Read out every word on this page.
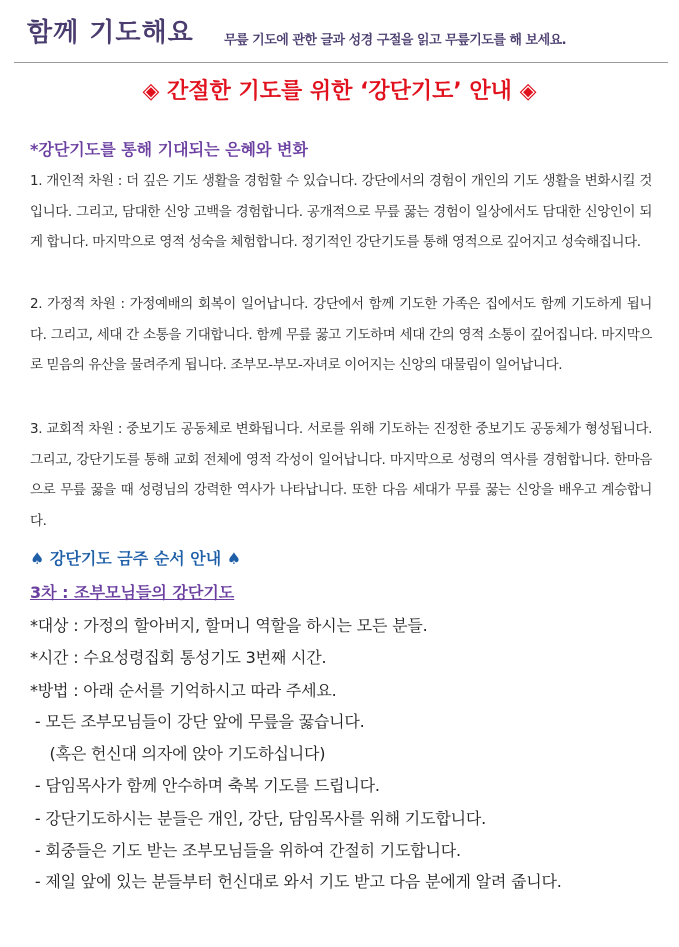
함께 기도해요 무릎 기도에 관한 글과 성경 구절을 읽고 무릎기도를 해 보세요.
◈ 간절한 기도를 위한 ‘강단기도’ 안내 ◈
*강단기도를 통해 기대되는 은혜와 변화
1. 개인적 차원 : 더 깊은 기도 생활을 경험할 수 있습니다. 강단에서의 경험이 개인의 기도 생활을 변화시킬 것입니다. 그리고, 담대한 신앙 고백을 경험합니다. 공개적으로 무릎 꿇는 경험이 일상에서도 담대한 신앙인이 되게 합니다. 마지막으로 영적 성숙을 체험합니다. 정기적인 강단기도를 통해 영적으로 깊어지고 성숙해집니다.
2. 가정적 차원 : 가정예배의 회복이 일어납니다. 강단에서 함께 기도한 가족은 집에서도 함께 기도하게 됩니다. 그리고, 세대 간 소통을 기대합니다. 함께 무릎 꿇고 기도하며 세대 간의 영적 소통이 깊어집니다. 마지막으로 믿음의 유산을 물려주게 됩니다. 조부모-부모-자녀로 이어지는 신앙의 대물림이 일어납니다.
3. 교회적 차원 : 중보기도 공동체로 변화됩니다. 서로를 위해 기도하는 진정한 중보기도 공동체가 형성됩니다. 그리고, 강단기도를 통해 교회 전체에 영적 각성이 일어납니다. 마지막으로 성령의 역사를 경험합니다. 한마음으로 무릎 꿇을 때 성령님의 강력한 역사가 나타납니다. 또한 다음 세대가 무릎 꿇는 신앙을 배우고 계승합니다.
♠ 강단기도 금주 순서 안내 ♠
3차 : 조부모님들의 강단기도
*대상 : 가정의 할아버지, 할머니 역할을 하시는 모든 분들.
*시간 : 수요성령집회 통성기도 3번째 시간.
*방법 : 아래 순서를 기억하시고 따라 주세요.
- 모든 조부모님들이 강단 앞에 무릎을 꿇습니다.
(혹은 헌신대 의자에 앉아 기도하십니다)
- 담임목사가 함께 안수하며 축복 기도를 드립니다.
- 강단기도하시는 분들은 개인, 강단, 담임목사를 위해 기도합니다.
- 회중들은 기도 받는 조부모님들을 위하여 간절히 기도합니다.
- 제일 앞에 있는 분들부터 헌신대로 와서 기도 받고 다음 분에게 알려 줍니다.
